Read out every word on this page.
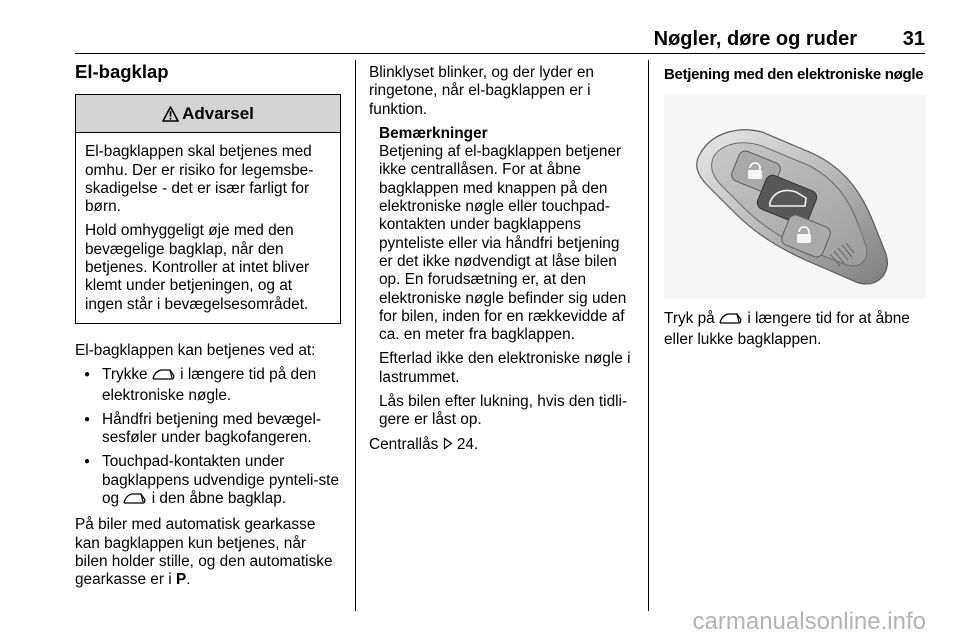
Nøgler, døre og ruder 31
El-bagklap
Advarsel

El-bagklappen skal betjenes med omhu. Der er risiko for legemsbe-skadigelse - det er især farligt for børn.

Hold omhyggeligt øje med den bevægelige bagklap, når den betjenes. Kontroller at intet bliver klemt under betjeningen, og at ingen står i bevægelsesområdet.

El-bagklappen kan betjenes ved at:

● Trykke i længere tid på den elektroniske nøgle.
● Håndfri betjening med bevægel-sesføler under bagkofangeren.
● Touchpad-kontakten under bagklappens udvendige pynteli-ste og i den åbne bagklap.

På biler med automatisk gearkasse kan bagklappen kun betjenes, når bilen holder stille, og den automatiske gearkasse er i P.

Blinklyset blinker, og der lyder en ringetone, når el-bagklappen er i funktion.

Bemærkninger

Betjening af el-bagklappen betjener ikke centrallåsen. For at åbne bagklappen med knappen på den elektroniske nøgle eller touchpad-kontakten under bagklappens pynteliste eller via håndfri betjening er det ikke nødvendigt at låse bilen op. En forudsætning er, at den elektroniske nøgle befinder sig uden for bilen, inden for en rækkevidde af ca. en meter fra bagklappen.

Efterlad ikke den elektroniske nøgle i lastrummet.

Lås bilen efter lukning, hvis den tidli-gere er låst op.

Centrallås 24.

Betjening med den elektroniske nøgle

Tryk på i længere tid for at åbne eller lukke bagklappen.

carmanualsonline.info
